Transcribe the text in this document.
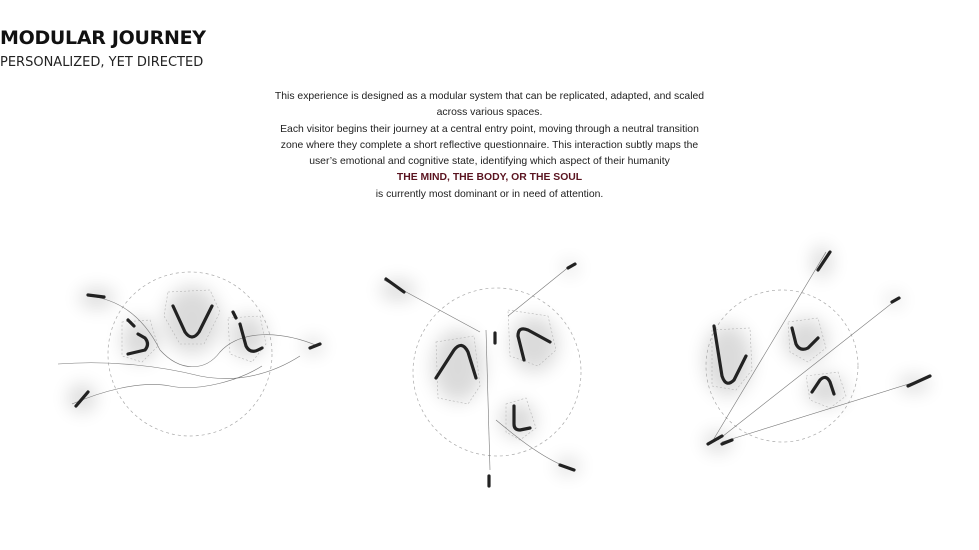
MODULAR JOURNEY
PERSONALIZED, YET DIRECTED
This experience is designed as a modular system that can be replicated, adapted, and scaled
across various spaces.
Each visitor begins their journey at a central entry point, moving through a neutral transition
zone where they complete a short reflective questionnaire. This interaction subtly maps the
user’s emotional and cognitive state, identifying which aspect of their humanity
THE MIND, THE BODY, OR THE SOUL
is currently most dominant or in need of attention.
